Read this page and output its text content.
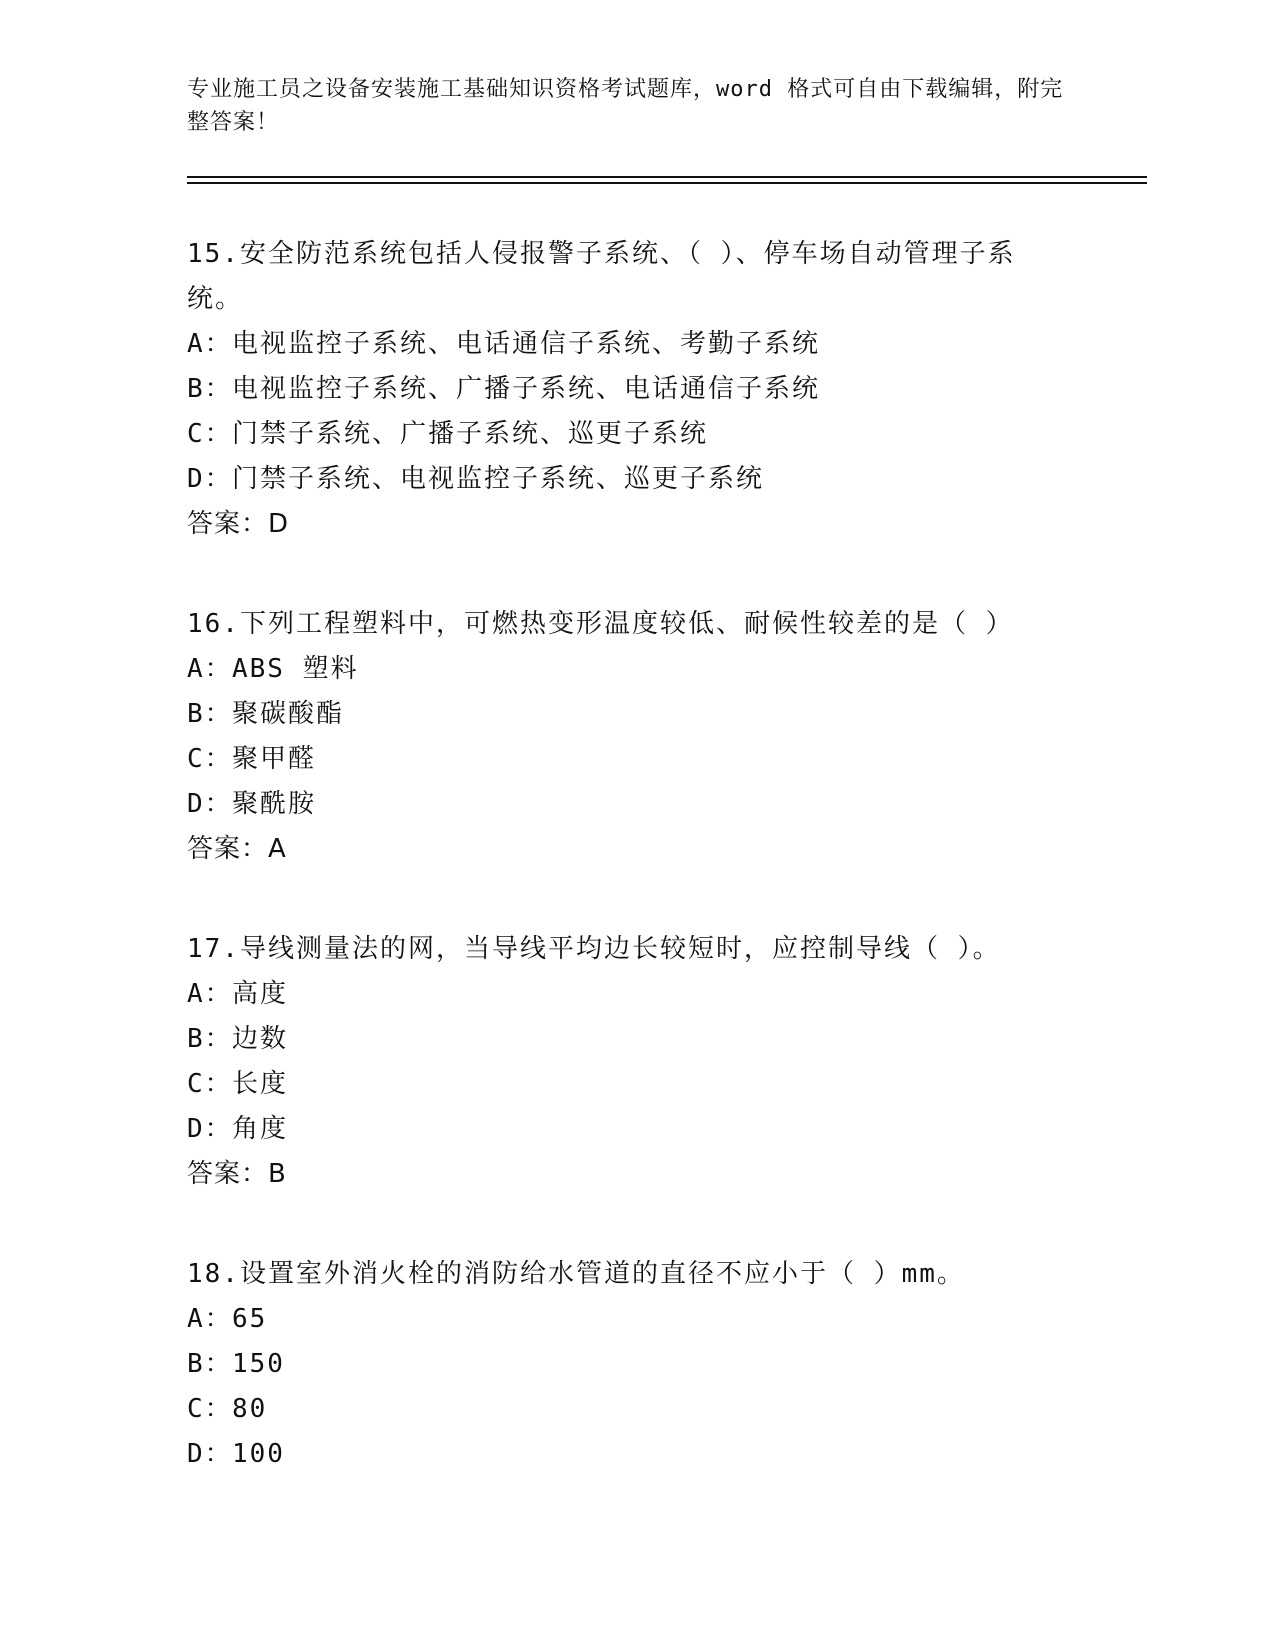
专业施工员之设备安装施工基础知识资格考试题库，word 格式可自由下载编辑，附完整答案！

15.安全防范系统包括人侵报警子系统、（ ）、停车场自动管理子系统。

A：电视监控子系统、电话通信子系统、考勤子系统

B：电视监控子系统、广播子系统、电话通信子系统

C：门禁子系统、广播子系统、巡更子系统

D：门禁子系统、电视监控子系统、巡更子系统

答案：D

16.下列工程塑料中，可燃热变形温度较低、耐候性较差的是（ ）

A：ABS 塑料

B：聚碳酸酯

C：聚甲醛

D：聚酰胺

答案：A

17.导线测量法的网，当导线平均边长较短时，应控制导线（ ）。

A：高度

B：边数

C：长度

D：角度

答案：B

18.设置室外消火栓的消防给水管道的直径不应小于（ ）mm。

A：65

B：150

C：80

D：100
